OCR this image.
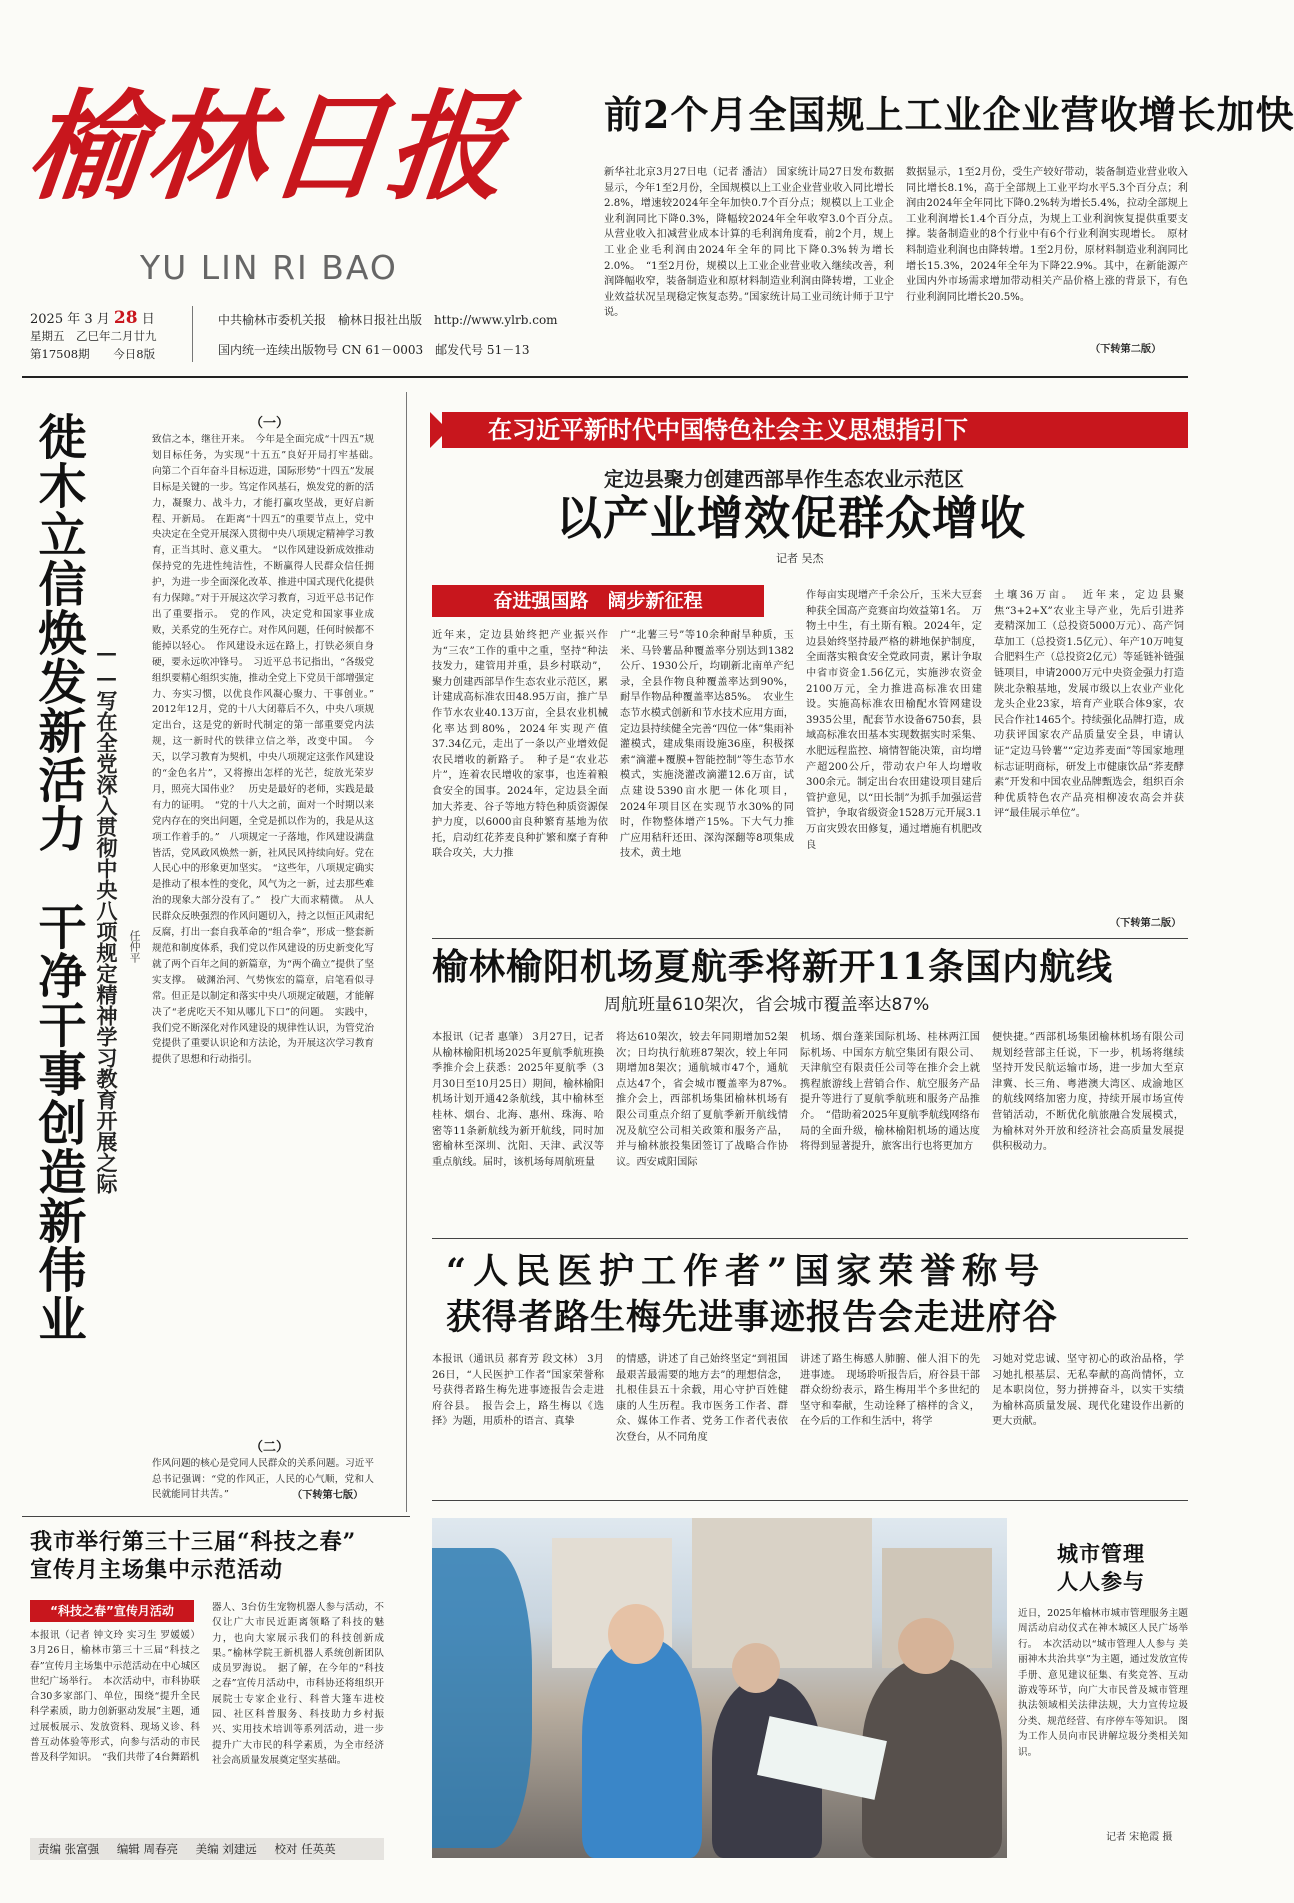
榆林日报
YU LIN RI BAO
2025 年 3 月 28 日
星期五　乙巳年二月廿九
第17508期 今日8版
中共榆林市委机关报　榆林日报社出版　http://www.ylrb.com
国内统一连续出版物号 CN 61－0003　邮发代号 51－13
前2个月全国规上工业企业营收增长加快
新华社北京3月27日电（记者 潘洁） 国家统计局27日发布数据显示，今年1至2月份，全国规模以上工业企业营业收入同比增长2.8%，增速较2024年全年加快0.7个百分点；规模以上工业企业利润同比下降0.3%，降幅较2024年全年收窄3.0个百分点。　从营业收入扣减营业成本计算的毛利润角度看，前2个月，规上工业企业毛利润由2024年全年的同比下降0.3%转为增长2.0%。　“1至2月份，规模以上工业企业营业收入继续改善，利润降幅收窄，装备制造业和原材料制造业利润由降转增，工业企业效益状况呈现稳定恢复态势。”国家统计局工业司统计师于卫宁说。
数据显示，1至2月份，受生产较好带动，装备制造业营业收入同比增长8.1%，高于全部规上工业平均水平5.3个百分点；利润由2024年全年同比下降0.2%转为增长5.4%，拉动全部规上工业利润增长1.4个百分点，为规上工业利润恢复提供重要支撑。装备制造业的8个行业中有6个行业利润实现增长。　原材料制造业利润也由降转增。1至2月份，原材料制造业利润同比增长15.3%，2024年全年为下降22.9%。其中，在新能源产业国内外市场需求增加带动相关产品价格上涨的背景下，有色行业利润同比增长20.5%。
（下转第二版）
徙木立信焕发新活力　干净干事创造新伟业 ——写在全党深入贯彻中央八项规定精神学习教育开展之际 任仲平
（一）
致信之本，继往开来。　今年是全面完成“十四五”规划目标任务，为实现“十五五”良好开局打牢基础。　向第二个百年奋斗目标迈进，国际形势“十四五”发展目标是关键的一步。笃定作风基石，焕发党的新的活力，凝聚力、战斗力，才能打赢攻坚战，更好启新程、开新局。　在距离“十四五”的重要节点上，党中央决定在全党开展深入贯彻中央八项规定精神学习教育，正当其时、意义重大。　“以作风建设新成效推动保持党的先进性纯洁性，不断赢得人民群众信任拥护，为进一步全面深化改革、推进中国式现代化提供有力保障。”对于开展这次学习教育，习近平总书记作出了重要指示。　党的作风，决定党和国家事业成败，关系党的生死存亡。对作风问题，任何时候都不能掉以轻心。　作风建设永远在路上，打铁必须自身硬，要永远吹冲锋号。　习近平总书记指出，“各级党组织要精心组织实施，推动全党上下党员干部增强定力、夯实习惯，以优良作风凝心聚力、干事创业。”　2012年12月，党的十八大闭幕后不久，中央八项规定出台，这是党的新时代制定的第一部重要党内法规，这一新时代的铁律立信之举，改变中国。　今天，以学习教育为契机，中央八项规定这张作风建设的“金色名片”，又将擦出怎样的光芒，绽放光荣岁月，照亮大国伟业？　历史是最好的老师，实践是最有力的证明。　“党的十八大之前，面对一个时期以来党内存在的突出问题，全党是抓以作为的，我是从这项工作着手的。”　八项规定一子落地，作风建设满盘皆活，党风政风焕然一新，社风民风持续向好。党在人民心中的形象更加坚实。　“这些年，八项规定确实是推动了根本性的变化，风气为之一新，过去那些难治的现象大部分没有了。”　投广大而求精微。　从人民群众反映强烈的作风问题切入，持之以恒正风肃纪反腐，打出一套自我革命的“组合拳”，形成一整套新规范和制度体系，我们党以作风建设的历史新变化写就了两个百年之间的新篇章，为“两个确立”提供了坚实支撑。　破渊治河、气势恢宏的篇章，启笔看似寻常。但正是以制定和落实中央八项规定破题，才能解决了“老虎吃天不知从哪儿下口”的问题。　实践中，我们党不断深化对作风建设的规律性认识，为管党治党提供了重要认识论和方法论，为开展这次学习教育提供了思想和行动指引。
（二）
作风问题的核心是党同人民群众的关系问题。习近平总书记强调：“党的作风正，人民的心气顺，党和人民就能同甘共苦。”	（下转第七版）
在习近平新时代中国特色社会主义思想指引下
定边县聚力创建西部旱作生态农业示范区
以产业增效促群众增收
记者 吴杰
奋进强国路　阔步新征程
近年来，定边县始终把产业振兴作为“三农”工作的重中之重，坚持“种法技发力，建管用并重，县乡村联动”，聚力创建西部旱作生态农业示范区，累计建成高标准农田48.95万亩，推广旱作节水农业40.13万亩，全县农业机械化率达到80%，2024年实现产值37.34亿元，走出了一条以产业增效促农民增收的新路子。　种子是“农业芯片”，连着农民增收的家事，也连着粮食安全的国事。2024年，定边县全面加大荞麦、谷子等地方特色种质资源保护力度，以6000亩良种繁育基地为依托，启动红花荞麦良种扩繁和糜子育种联合攻关，大力推
广“北薯三号”等10余种耐旱种质，玉米、马铃薯品种覆盖率分别达到1382公斤、1930公斤，均刷新北南单产纪录，全县作物良种覆盖率达到90%，耐旱作物品种覆盖率达85%。　农业生态节水模式创新和节水技术应用方面，定边县持续健全完善“四位一体”集雨补灌模式，建成集雨设施36座，积极探索“滴灌+覆膜+智能控制”等生态节水模式，实施浇灌改滴灌12.6万亩，试点建设5390亩水肥一体化项目，2024年项目区在实现节水30%的同时，作物整体增产15%。下大气力推广应用秸秆还田、深沟深翻等8项集成技术，黄土地
作每亩实现增产千余公斤，玉米大豆套种获全国高产竞赛亩均效益第1名。　万物土中生，有土斯有粮。2024年，定边县始终坚持最严格的耕地保护制度，全面落实粮食安全党政同责，累计争取中省市资金1.56亿元，实施涉农资金2100万元，全力推进高标准农田建设。实施高标准农田榆配水管网建设3935公里，配套节水设备6750套，县域高标准农田基本实现数据实时采集、水肥远程监控、墒情智能决策，亩均增产超200公斤，带动农户年人均增收300余元。制定出台农田建设项目建后管护意见，以“田长制”为抓手加强运营管护，争取省级资金1528万元开展3.1万亩灾毁农田修复，通过增施有机肥改良
土壤36万亩。　近年来，定边县聚焦“3+2+X”农业主导产业，先后引进荞麦精深加工（总投资5000万元）、高产饲草加工（总投资1.5亿元）、年产10万吨复合肥料生产（总投资2亿元）等延链补链强链项目，申请2000万元中央资金强力打造陕北杂粮基地，发展市级以上农业产业化龙头企业23家，培育产业联合体9家，农民合作社1465个。持续强化品牌打造，成功获评国家农产品质量安全县，申请认证“定边马铃薯”“定边荞麦面”等国家地理标志证明商标，研发上市健康饮品“荞麦酵素”开发和中国农业品牌甄选会，组织百余种优质特色农产品亮相柳凌农高会并获评“最佳展示单位”。
（下转第二版）
榆林榆阳机场夏航季将新开11条国内航线
周航班量610架次，省会城市覆盖率达87%
本报讯（记者 惠肇） 3月27日，记者从榆林榆阳机场2025年夏航季航班换季推介会上获悉：2025年夏航季（3月30日至10月25日）期间，榆林榆阳机场计划开通42条航线，其中榆林至桂林、烟台、北海、惠州、珠海、哈密等11条新航线为新开航线，同时加密榆林至深圳、沈阳、天津、武汉等重点航线。届时，该机场每周航班量
将达610架次，较去年同期增加52架次；日均执行航班87架次，较上年同期增加8架次；通航城市47个，通航点达47个，省会城市覆盖率为87%。　推介会上，西部机场集团榆林机场有限公司重点介绍了夏航季新开航线情况及航空公司相关政策和服务产品，并与榆林旅投集团签订了战略合作协议。西安咸阳国际
机场、烟台蓬莱国际机场、桂林两江国际机场、中国东方航空集团有限公司、天津航空有限责任公司等在推介会上就携程旅游线上营销合作、航空服务产品提升等进行了夏航季航班和服务产品推介。　“借助着2025年夏航季航线网络布局的全面升级，榆林榆阳机场的通达度将得到显著提升，旅客出行也将更加方
便快捷。”西部机场集团榆林机场有限公司规划经营部主任说，下一步，机场将继续坚持开发民航运输市场，进一步加大至京津冀、长三角、粤港澳大湾区、成渝地区的航线网络加密力度，持续开展市场宣传营销活动，不断优化航旅融合发展模式，为榆林对外开放和经济社会高质量发展提供积极动力。
“人民医护工作者”国家荣誉称号
获得者路生梅先进事迹报告会走进府谷
本报讯（通讯员 郝育芳 段文林） 3月26日，“人民医护工作者”国家荣誉称号获得者路生梅先进事迹报告会走进府谷县。　报告会上，路生梅以《选择》为题，用质朴的语言、真挚
的情感，讲述了自己始终坚定“到祖国最艰苦最需要的地方去”的理想信念，扎根佳县五十余载，用心守护百姓健康的人生历程。我市医务工作者、群众、媒体工作者、党务工作者代表依次登台，从不同角度
讲述了路生梅感人肺腑、催人泪下的先进事迹。　现场聆听报告后，府谷县干部群众纷纷表示，路生梅用半个多世纪的坚守和奉献，生动诠释了榕样的含义，在今后的工作和生活中，将学
习她对党忠诚、坚守初心的政治品格，学习她扎根基层、无私奉献的高尚情怀，立足本职岗位，努力拼搏奋斗，以实干实绩为榆林高质量发展、现代化建设作出新的更大贡献。
我市举行第三十三届“科技之春”
宣传月主场集中示范活动
“科技之春”宣传月活动
本报讯（记者 钟文玲 实习生 罗媛媛） 3月26日，榆林市第三十三届“科技之春”宣传月主场集中示范活动在中心城区世纪广场举行。　本次活动中，市科协联合30多家部门、单位，围绕“提升全民科学素质，助力创新驱动发展”主题，通过展板展示、发放资料、现场义诊、科普互动体验等形式，向参与活动的市民普及科学知识。　“我们共带了4台舞蹈机
器人、3台仿生宠物机器人参与活动，不仅让广大市民近距离领略了科技的魅力，也向大家展示我们的科技创新成果。”榆林学院王新机器人系统创新团队成员罗海说。　据了解，在今年的“科技之春”宣传月活动中，市科协还将组织开展院士专家企业行、科普大篷车进校园、社区科普服务、科技助力乡村振兴、实用技术培训等系列活动，进一步提升广大市民的科学素质，为全市经济社会高质量发展奠定坚实基础。
责编 张富强 编辑 周春亮 美编 刘建远 校对 任英英
城市管理
人人参与
近日，2025年榆林市城市管理服务主题周活动启动仪式在神木城区人民广场举行。　本次活动以“城市管理人人参与 美丽神木共治共享”为主题，通过发放宣传手册、意见建议征集、有奖竞答、互动游戏等环节，向广大市民普及城市管理执法领域相关法律法规，大力宣传垃圾分类、规范经营、有序停车等知识。　图为工作人员向市民讲解垃圾分类相关知识。
记者 宋艳霞 摄
